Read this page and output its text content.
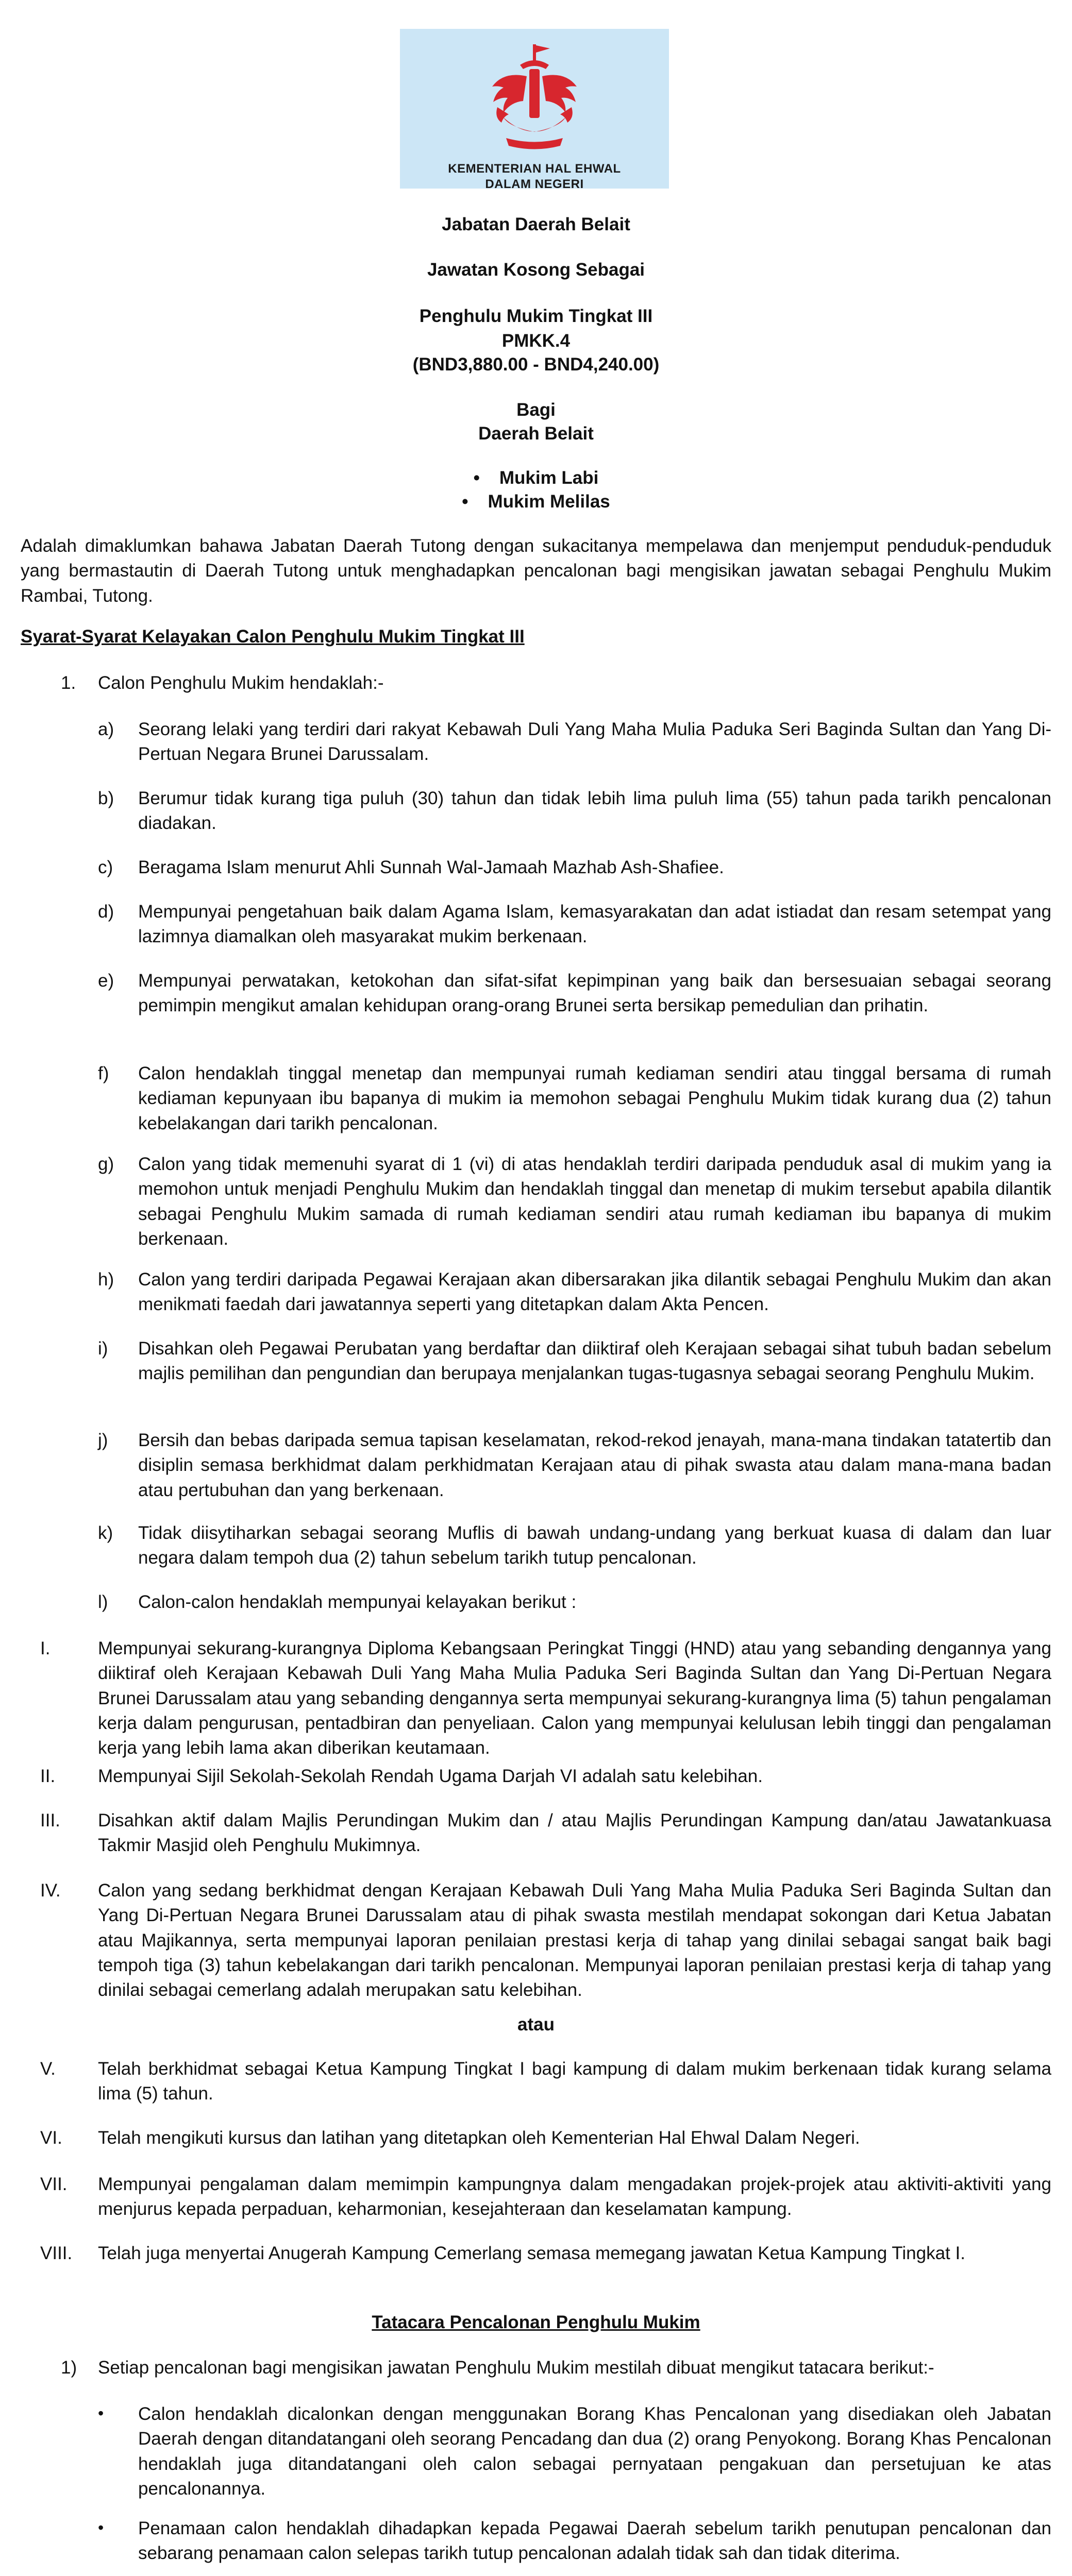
KEMENTERIAN HAL EHWAL
DALAM NEGERI
Jabatan Daerah Belait
Jawatan Kosong Sebagai
Penghulu Mukim Tingkat III
PMKK.4
(BND3,880.00 - BND4,240.00)
Bagi
Daerah Belait
• Mukim Labi
• Mukim Melilas
Adalah dimaklumkan bahawa Jabatan Daerah Tutong dengan sukacitanya mempelawa dan menjemput penduduk-penduduk yang bermastautin di Daerah Tutong untuk menghadapkan pencalonan bagi mengisikan jawatan sebagai Penghulu Mukim Rambai, Tutong.
Syarat-Syarat Kelayakan Calon Penghulu Mukim Tingkat III
1. Calon Penghulu Mukim hendaklah:-
a) Seorang lelaki yang terdiri dari rakyat Kebawah Duli Yang Maha Mulia Paduka Seri Baginda Sultan dan Yang Di-Pertuan Negara Brunei Darussalam.
b) Berumur tidak kurang tiga puluh (30) tahun dan tidak lebih lima puluh lima (55) tahun pada tarikh pencalonan diadakan.
c) Beragama Islam menurut Ahli Sunnah Wal-Jamaah Mazhab Ash-Shafiee.
d) Mempunyai pengetahuan baik dalam Agama Islam, kemasyarakatan dan adat istiadat dan resam setempat yang lazimnya diamalkan oleh masyarakat mukim berkenaan.
e) Mempunyai perwatakan, ketokohan dan sifat-sifat kepimpinan yang baik dan bersesuaian sebagai seorang pemimpin mengikut amalan kehidupan orang-orang Brunei serta bersikap pemedulian dan prihatin.
f) Calon hendaklah tinggal menetap dan mempunyai rumah kediaman sendiri atau tinggal bersama di rumah kediaman kepunyaan ibu bapanya di mukim ia memohon sebagai Penghulu Mukim tidak kurang dua (2) tahun kebelakangan dari tarikh pencalonan.
g) Calon yang tidak memenuhi syarat di 1 (vi) di atas hendaklah terdiri daripada penduduk asal di mukim yang ia memohon untuk menjadi Penghulu Mukim dan hendaklah tinggal dan menetap di mukim tersebut apabila dilantik sebagai Penghulu Mukim samada di rumah kediaman sendiri atau rumah kediaman ibu bapanya di mukim berkenaan.
h) Calon yang terdiri daripada Pegawai Kerajaan akan dibersarakan jika dilantik sebagai Penghulu Mukim dan akan menikmati faedah dari jawatannya seperti yang ditetapkan dalam Akta Pencen.
i) Disahkan oleh Pegawai Perubatan yang berdaftar dan diiktiraf oleh Kerajaan sebagai sihat tubuh badan sebelum majlis pemilihan dan pengundian dan berupaya menjalankan tugas-tugasnya sebagai seorang Penghulu Mukim.
j) Bersih dan bebas daripada semua tapisan keselamatan, rekod-rekod jenayah, mana-mana tindakan tatatertib dan disiplin semasa berkhidmat dalam perkhidmatan Kerajaan atau di pihak swasta atau dalam mana-mana badan atau pertubuhan dan yang berkenaan.
k) Tidak diisytiharkan sebagai seorang Muflis di bawah undang-undang yang berkuat kuasa di dalam dan luar negara dalam tempoh dua (2) tahun sebelum tarikh tutup pencalonan.
l) Calon-calon hendaklah mempunyai kelayakan berikut :
I.	Mempunyai sekurang-kurangnya Diploma Kebangsaan Peringkat Tinggi (HND) atau yang sebanding dengannya yang diiktiraf oleh Kerajaan Kebawah Duli Yang Maha Mulia Paduka Seri Baginda Sultan dan Yang Di-Pertuan Negara Brunei Darussalam atau yang sebanding dengannya serta mempunyai sekurang-kurangnya lima (5) tahun pengalaman kerja dalam pengurusan, pentadbiran dan penyeliaan. Calon yang mempunyai kelulusan lebih tinggi dan pengalaman kerja yang lebih lama akan diberikan keutamaan.
II. Mempunyai Sijil Sekolah-Sekolah Rendah Ugama Darjah VI adalah satu kelebihan.
III. Disahkan aktif dalam Majlis Perundingan Mukim dan / atau Majlis Perundingan Kampung dan/atau Jawatankuasa Takmir Masjid oleh Penghulu Mukimnya.
IV. Calon yang sedang berkhidmat dengan Kerajaan Kebawah Duli Yang Maha Mulia Paduka Seri Baginda Sultan dan Yang Di-Pertuan Negara Brunei Darussalam atau di pihak swasta mestilah mendapat sokongan dari Ketua Jabatan atau Majikannya, serta mempunyai laporan penilaian prestasi kerja di tahap yang dinilai sebagai sangat baik bagi tempoh tiga (3) tahun kebelakangan dari tarikh pencalonan. Mempunyai laporan penilaian prestasi kerja di tahap yang dinilai sebagai cemerlang adalah merupakan satu kelebihan.
atau
V. Telah berkhidmat sebagai Ketua Kampung Tingkat I bagi kampung di dalam mukim berkenaan tidak kurang selama lima (5) tahun.
VI. Telah mengikuti kursus dan latihan yang ditetapkan oleh Kementerian Hal Ehwal Dalam Negeri.
VII. Mempunyai pengalaman dalam memimpin kampungnya dalam mengadakan projek-projek atau aktiviti-aktiviti yang menjurus kepada perpaduan, keharmonian, kesejahteraan dan keselamatan kampung.
VIII. Telah juga menyertai Anugerah Kampung Cemerlang semasa memegang jawatan Ketua Kampung Tingkat I.
Tatacara Pencalonan Penghulu Mukim
1) Setiap pencalonan bagi mengisikan jawatan Penghulu Mukim mestilah dibuat mengikut tatacara berikut:-
• Calon hendaklah dicalonkan dengan menggunakan Borang Khas Pencalonan yang disediakan oleh Jabatan Daerah dengan ditandatangani oleh seorang Pencadang dan dua (2) orang Penyokong. Borang Khas Pencalonan hendaklah juga ditandatangani oleh calon sebagai pernyataan pengakuan dan persetujuan ke atas pencalonannya.
• Penamaan calon hendaklah dihadapkan kepada Pegawai Daerah sebelum tarikh penutupan pencalonan dan sebarang penamaan calon selepas tarikh tutup pencalonan adalah tidak sah dan tidak diterima.
